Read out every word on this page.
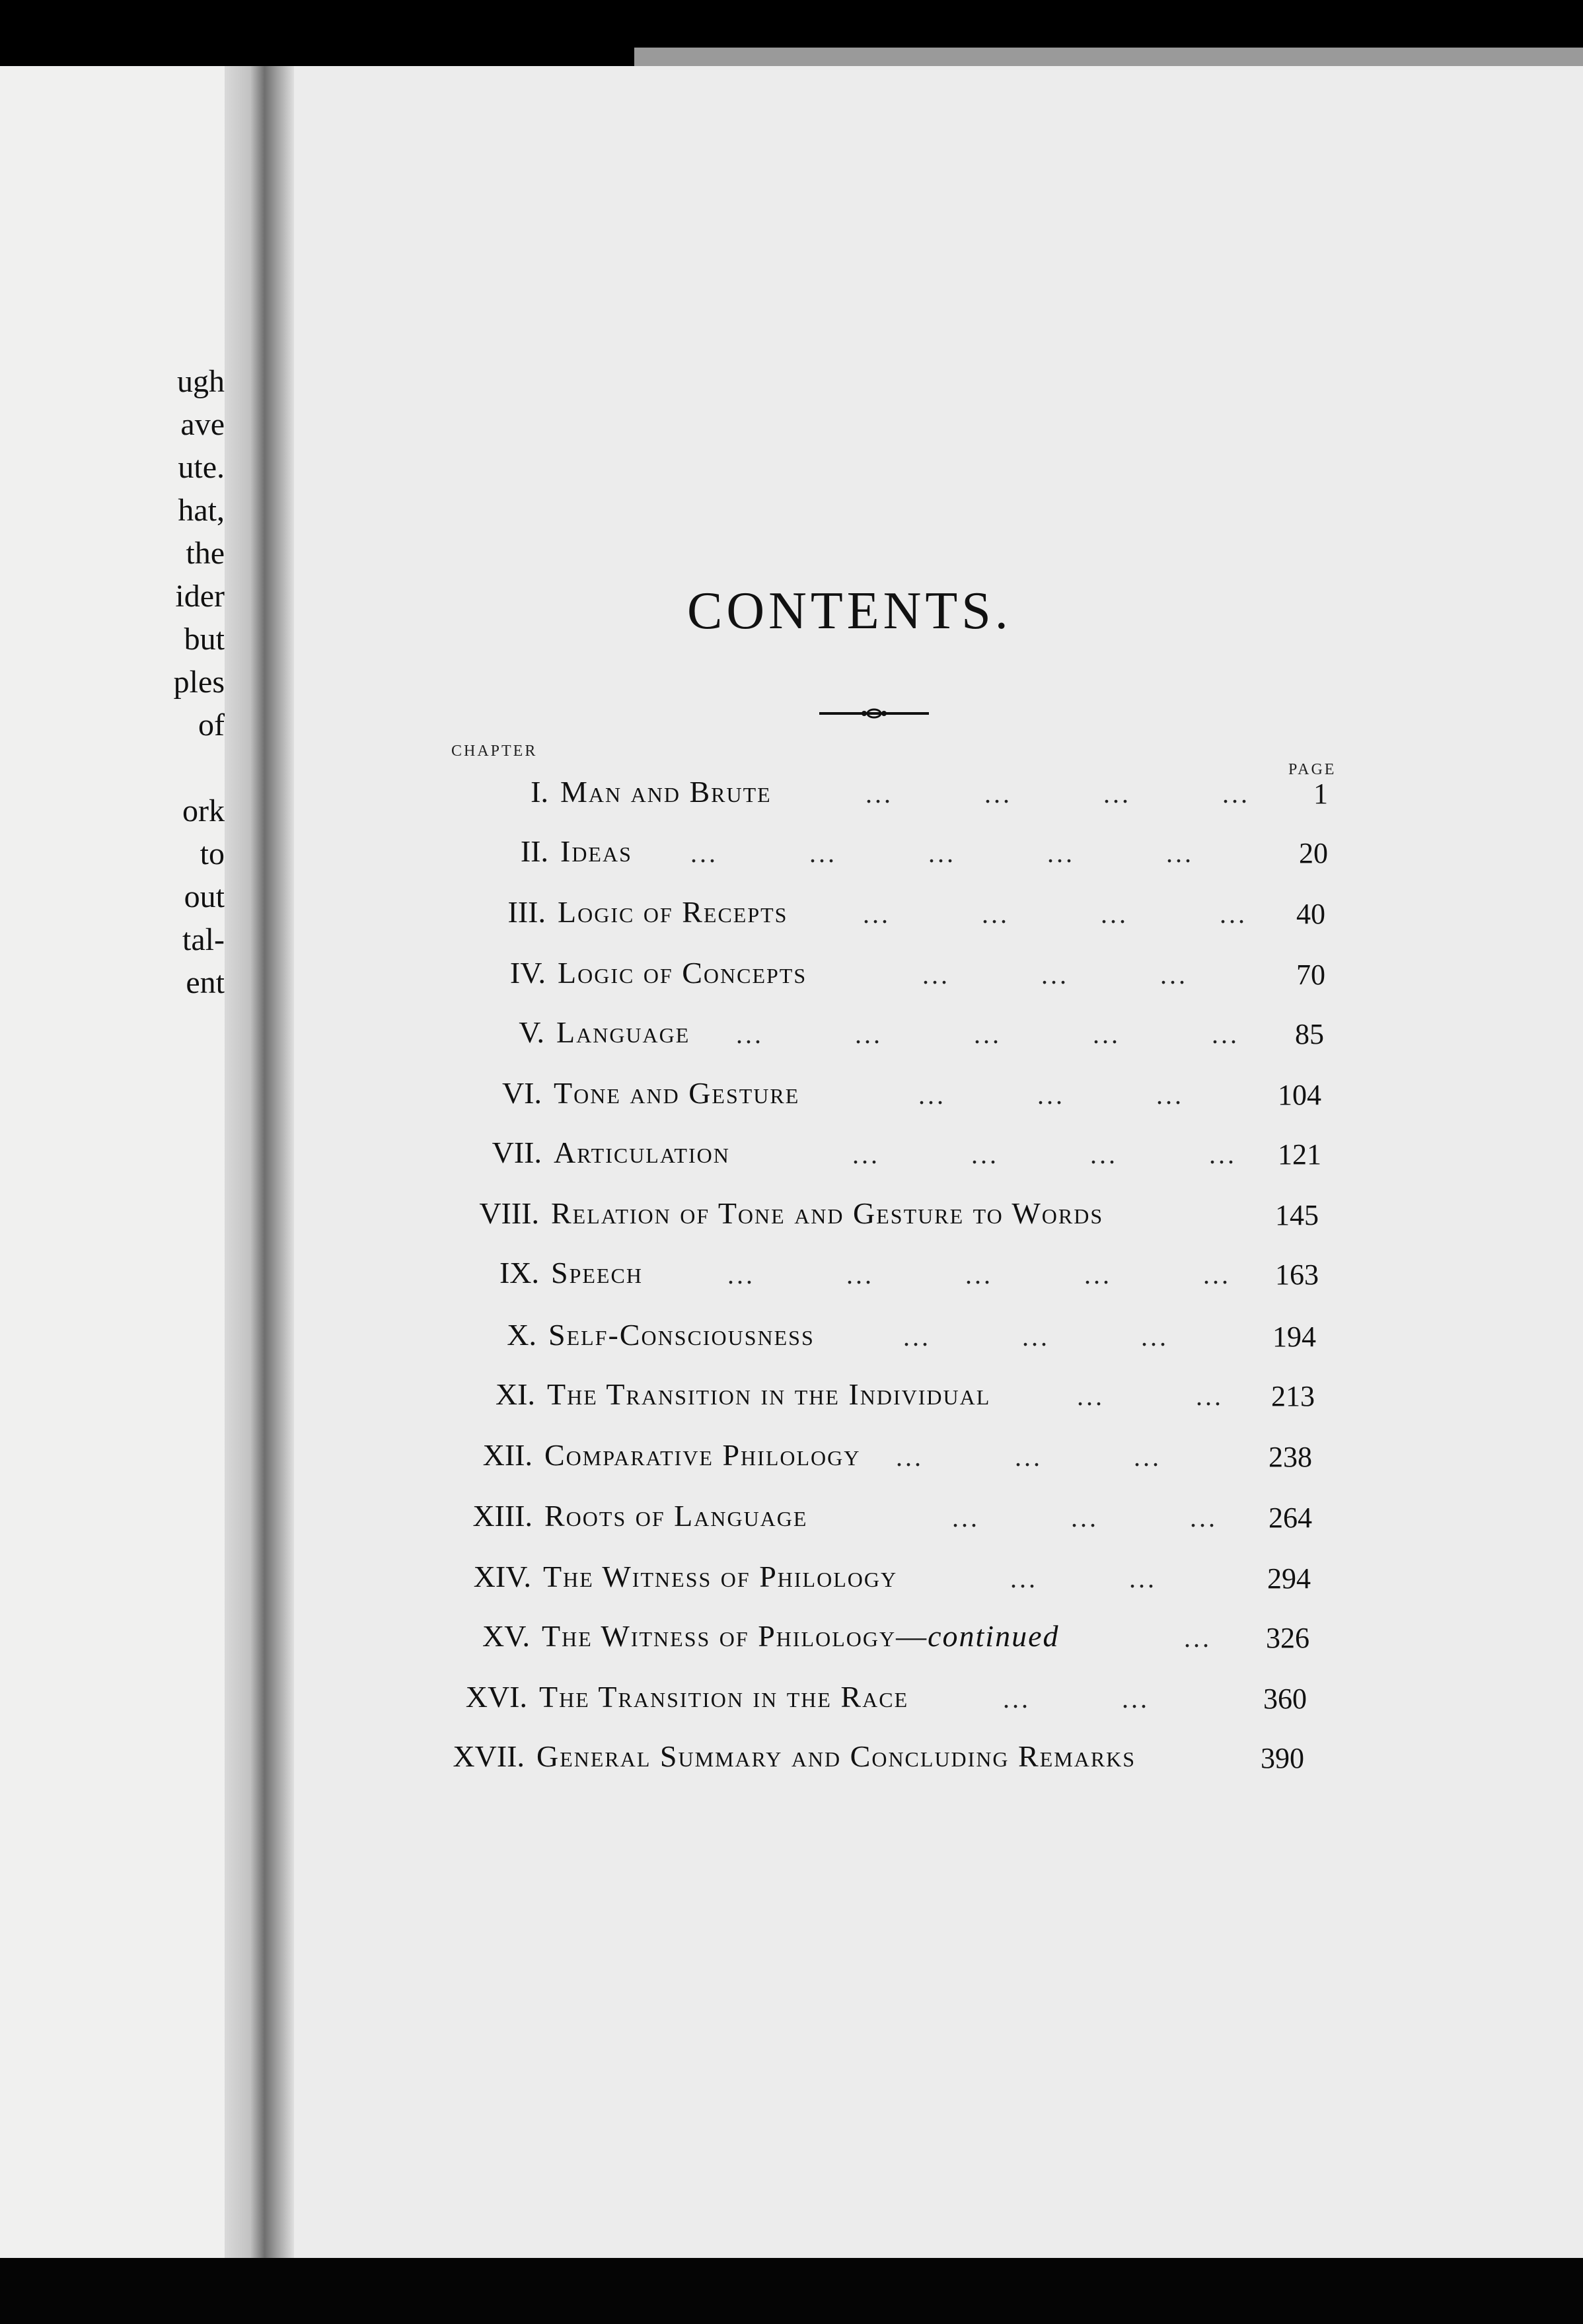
ugh
ave
ute.
hat,
the
ider
but
ples
of
ork
to
out
tal-
ent
CONTENTS.
CHAPTER
PAGE
I. Man and Brute	...	...	...	...	1
II. Ideas ...	...	...	...	...	20
III. Logic of Recepts	...	...	...	...	40
IV. Logic of Concepts	...	...	...	70
V. Language ...	...	...	...	...	85
VI. Tone and Gesture	...	...	...	104
VII. Articulation	...	...	...	...	121
VIII. Relation of Tone and Gesture to Words	145
IX. Speech	...	...	...	...	...	163
X. Self-Consciousness	...	...	...	194
XI. The Transition in the Individual	...	...	213
XII. Comparative Philology ...	...	...	238
XIII. Roots of Language	...	...	...	264
XIV. The Witness of Philology	...	...	294
XV. The Witness of Philology—continued	...	326
XVI. The Transition in the Race	...	...	360
XVII. General Summary and Concluding Remarks	390
